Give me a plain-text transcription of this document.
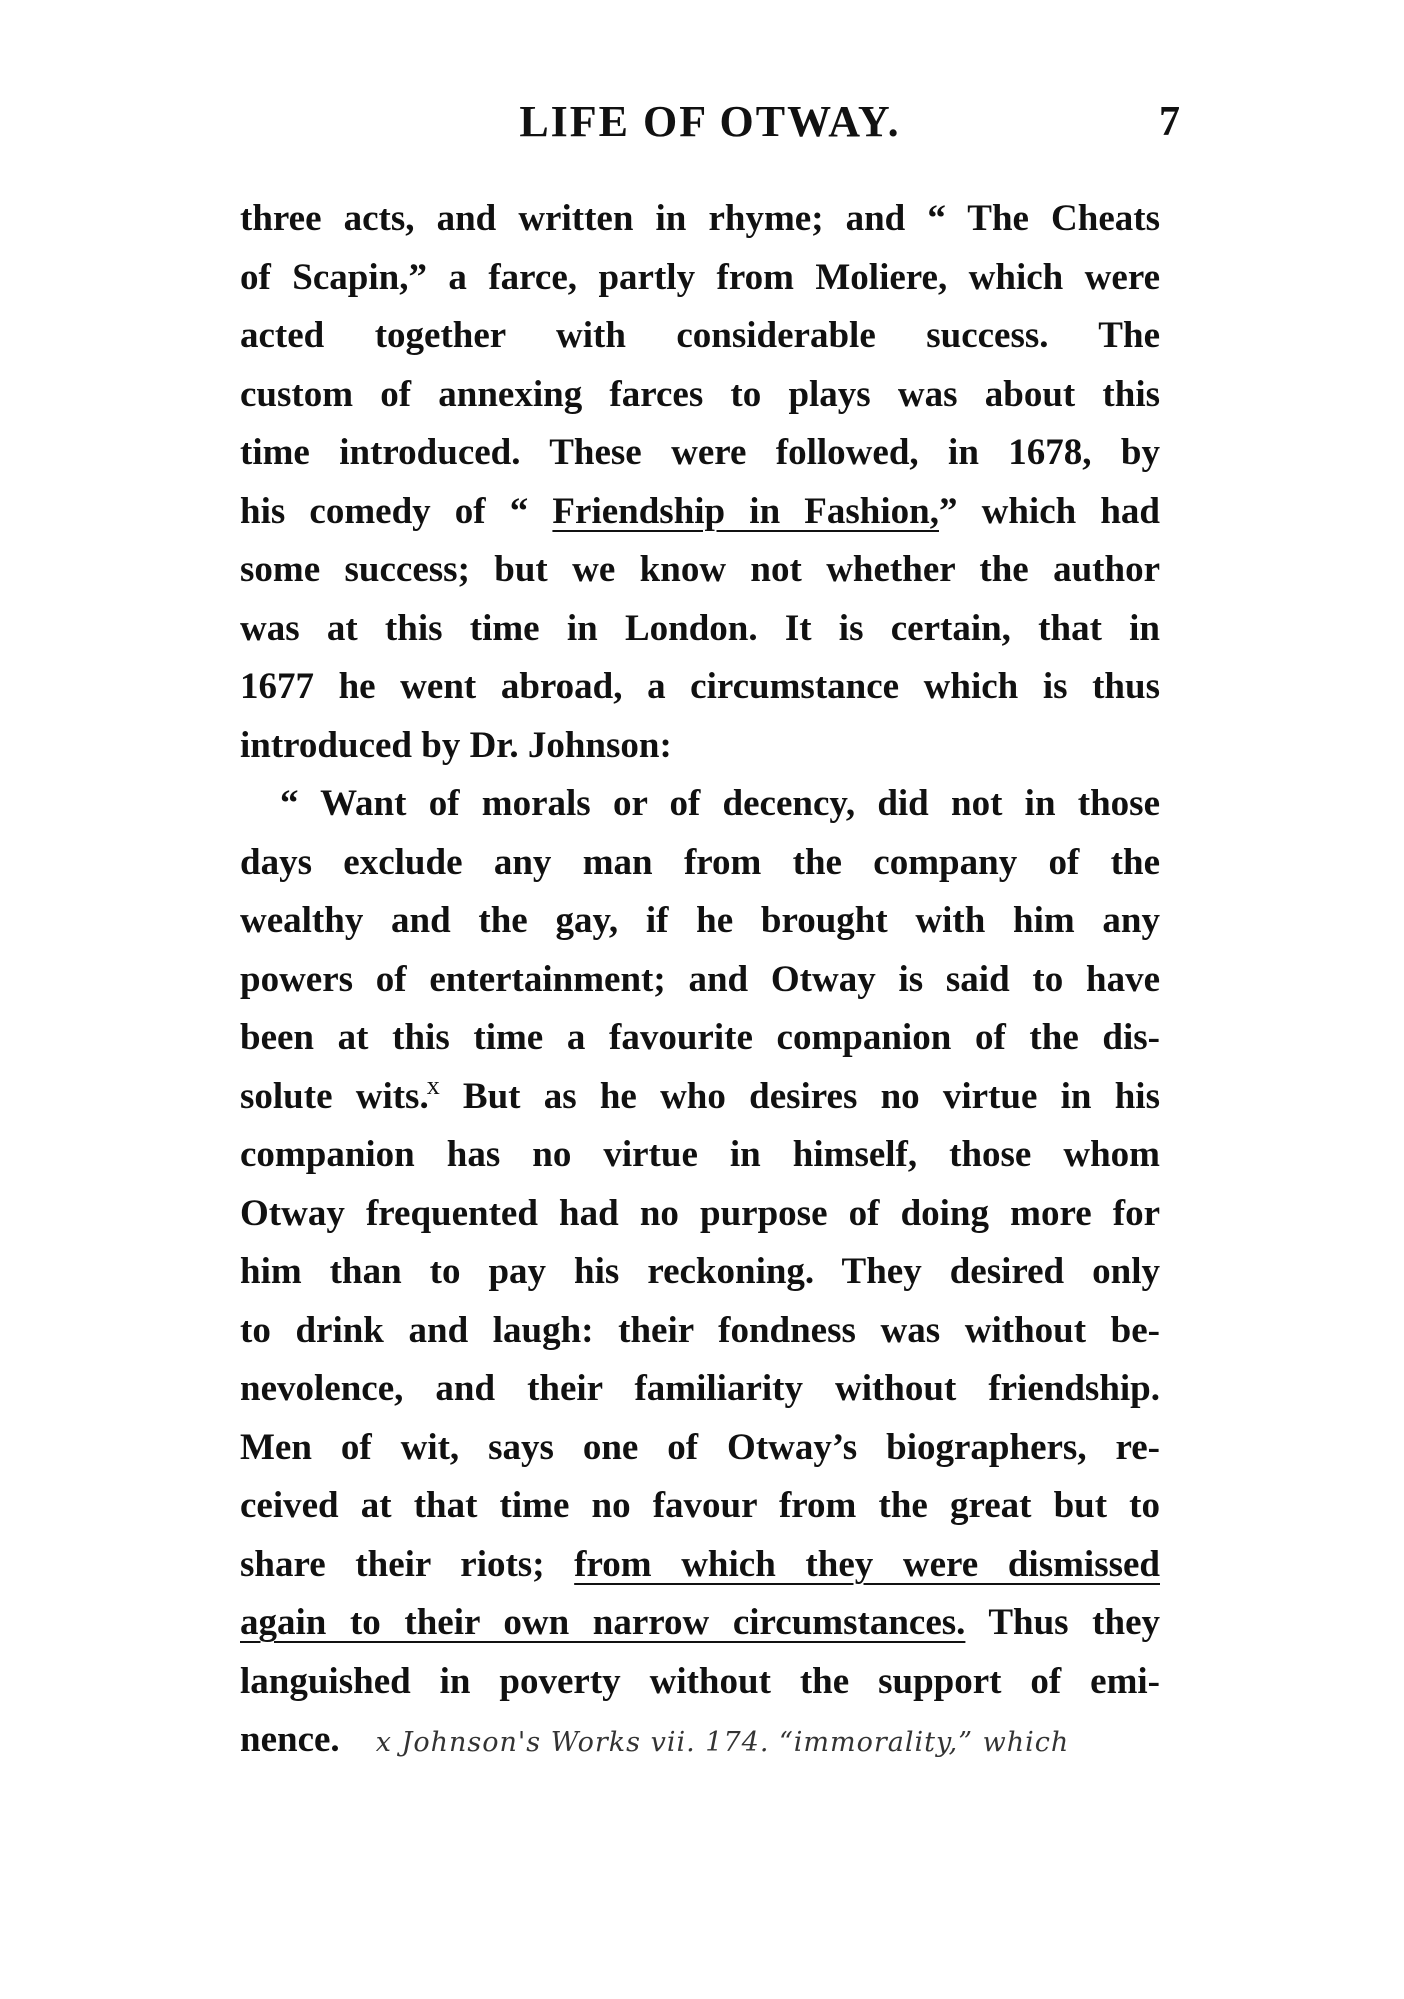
LIFE OF OTWAY.	7
three acts, and written in rhyme; and “ The Cheats
of Scapin,” a farce, partly from Moliere, which were
acted together with considerable success. The
custom of annexing farces to plays was about this
time introduced. These were followed, in 1678, by
his comedy of “ Friendship in Fashion,” which had
some success; but we know not whether the author
was at this time in London. It is certain, that in
1677 he went abroad, a circumstance which is thus
introduced by Dr. Johnson:
“ Want of morals or of decency, did not in those
days exclude any man from the company of the
wealthy and the gay, if he brought with him any
powers of entertainment; and Otway is said to have
been at this time a favourite companion of the dis-
solute wits.$^x$ But as he who desires no virtue in his
companion has no virtue in himself, those whom
Otway frequented had no purpose of doing more for
him than to pay his reckoning. They desired only
to drink and laugh: their fondness was without be-
nevolence, and their familiarity without friendship.
Men of wit, says one of Otway’s biographers, re-
ceived at that time no favour from the great but to
share their riots; from which they were dismissed
again to their own narrow circumstances. Thus they
languished in poverty without the support of emi-
nence. x Johnson's Works vii. 174. “immorality,” which
